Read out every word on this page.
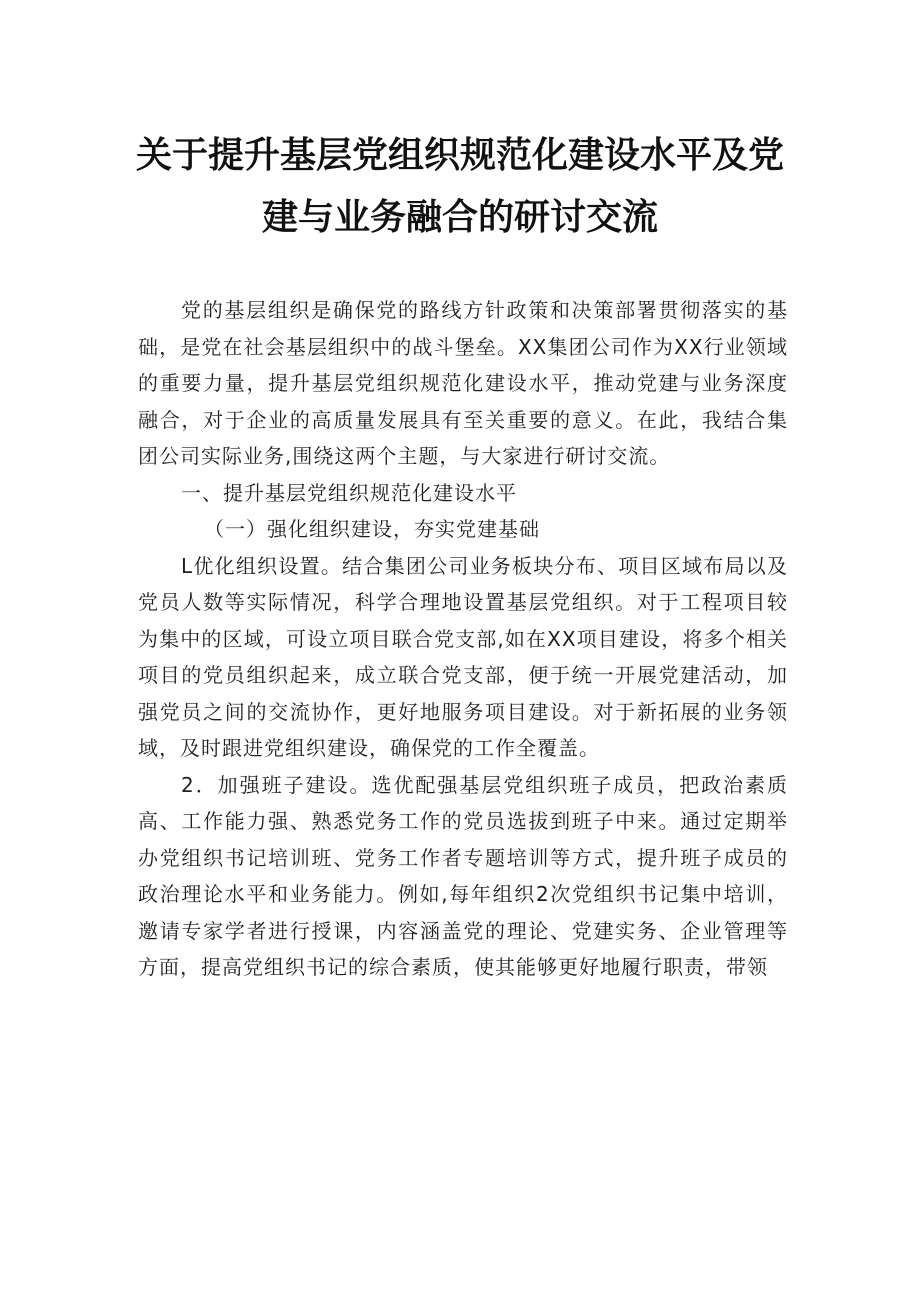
关于提升基层党组织规范化建设水平及党
建与业务融合的研讨交流

党的基层组织是确保党的路线方针政策和决策部署贯彻落实的基础，是党在社会基层组织中的战斗堡垒。XX集团公司作为XX行业领域的重要力量，提升基层党组织规范化建设水平，推动党建与业务深度融合，对于企业的高质量发展具有至关重要的意义。在此，我结合集团公司实际业务,围绕这两个主题，与大家进行研讨交流。

一、提升基层党组织规范化建设水平

（一）强化组织建设，夯实党建基础

L优化组织设置。结合集团公司业务板块分布、项目区域布局以及党员人数等实际情况，科学合理地设置基层党组织。对于工程项目较为集中的区域，可设立项目联合党支部,如在XX项目建设，将多个相关项目的党员组织起来，成立联合党支部，便于统一开展党建活动，加强党员之间的交流协作，更好地服务项目建设。对于新拓展的业务领域，及时跟进党组织建设，确保党的工作全覆盖。

2．加强班子建设。选优配强基层党组织班子成员，把政治素质高、工作能力强、熟悉党务工作的党员选拔到班子中来。通过定期举办党组织书记培训班、党务工作者专题培训等方式，提升班子成员的政治理论水平和业务能力。例如,每年组织2次党组织书记集中培训，邀请专家学者进行授课，内容涵盖党的理论、党建实务、企业管理等方面，提高党组织书记的综合素质，使其能够更好地履行职责，带领
